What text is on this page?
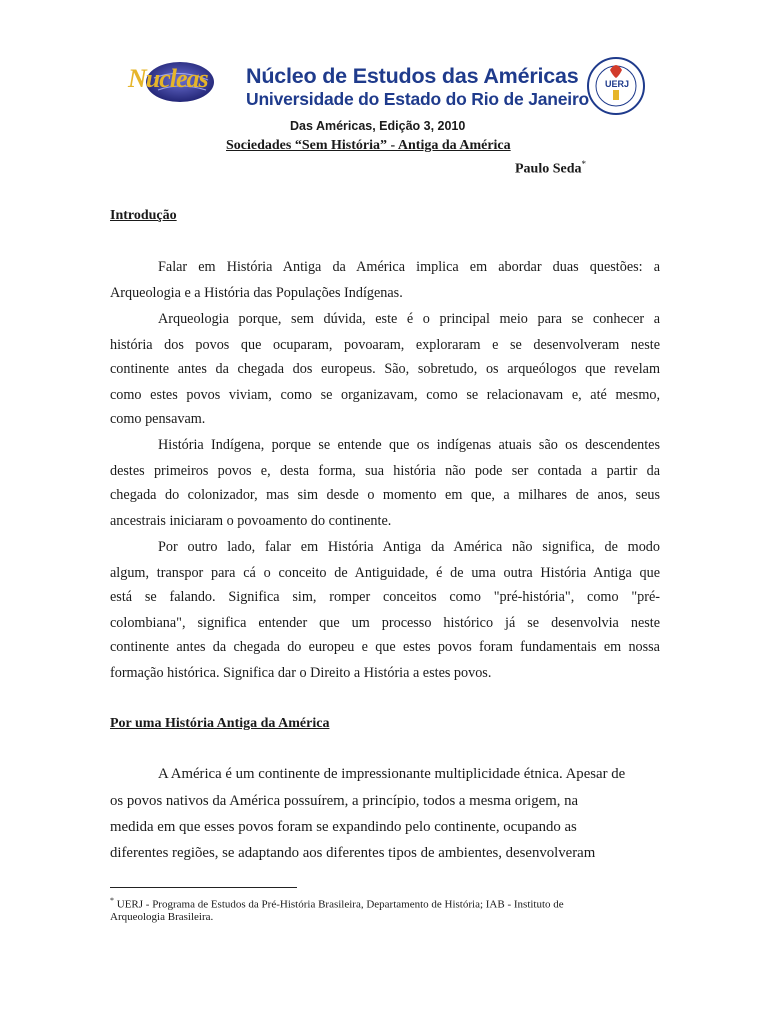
Nucleas Núcleo de Estudos das Américas
Universidade do Estado do Rio de Janeiro
UERJ
Das Américas, Edição 3, 2010
Sociedades “Sem História” - Antiga da América
Paulo Seda*
Introdução
Falar em História Antiga da América implica em abordar duas questões: a
Arqueologia e a História das Populações Indígenas.
Arqueologia porque, sem dúvida, este é o principal meio para se conhecer a
história dos povos que ocuparam, povoaram, exploraram e se desenvolveram neste
continente antes da chegada dos europeus. São, sobretudo, os arqueólogos que revelam
como estes povos viviam, como se organizavam, como se relacionavam e, até mesmo,
como pensavam.
História Indígena, porque se entende que os indígenas atuais são os descendentes
destes primeiros povos e, desta forma, sua história não pode ser contada a partir da
chegada do colonizador, mas sim desde o momento em que, a milhares de anos, seus
ancestrais iniciaram o povoamento do continente.
Por outro lado, falar em História Antiga da América não significa, de modo
algum, transpor para cá o conceito de Antiguidade, é de uma outra História Antiga que
está se falando. Significa sim, romper conceitos como "pré-história", como "pré-
colombiana", significa entender que um processo histórico já se desenvolvia neste
continente antes da chegada do europeu e que estes povos foram fundamentais em nossa
formação histórica. Significa dar o Direito a História a estes povos.
Por uma História Antiga da América
A América é um continente de impressionante multiplicidade étnica. Apesar de
os povos nativos da América possuírem, a princípio, todos a mesma origem, na
medida em que esses povos foram se expandindo pelo continente, ocupando as
diferentes regiões, se adaptando aos diferentes tipos de ambientes, desenvolveram
* UERJ - Programa de Estudos da Pré-História Brasileira, Departamento de História; IAB - Instituto de
Arqueologia Brasileira.
